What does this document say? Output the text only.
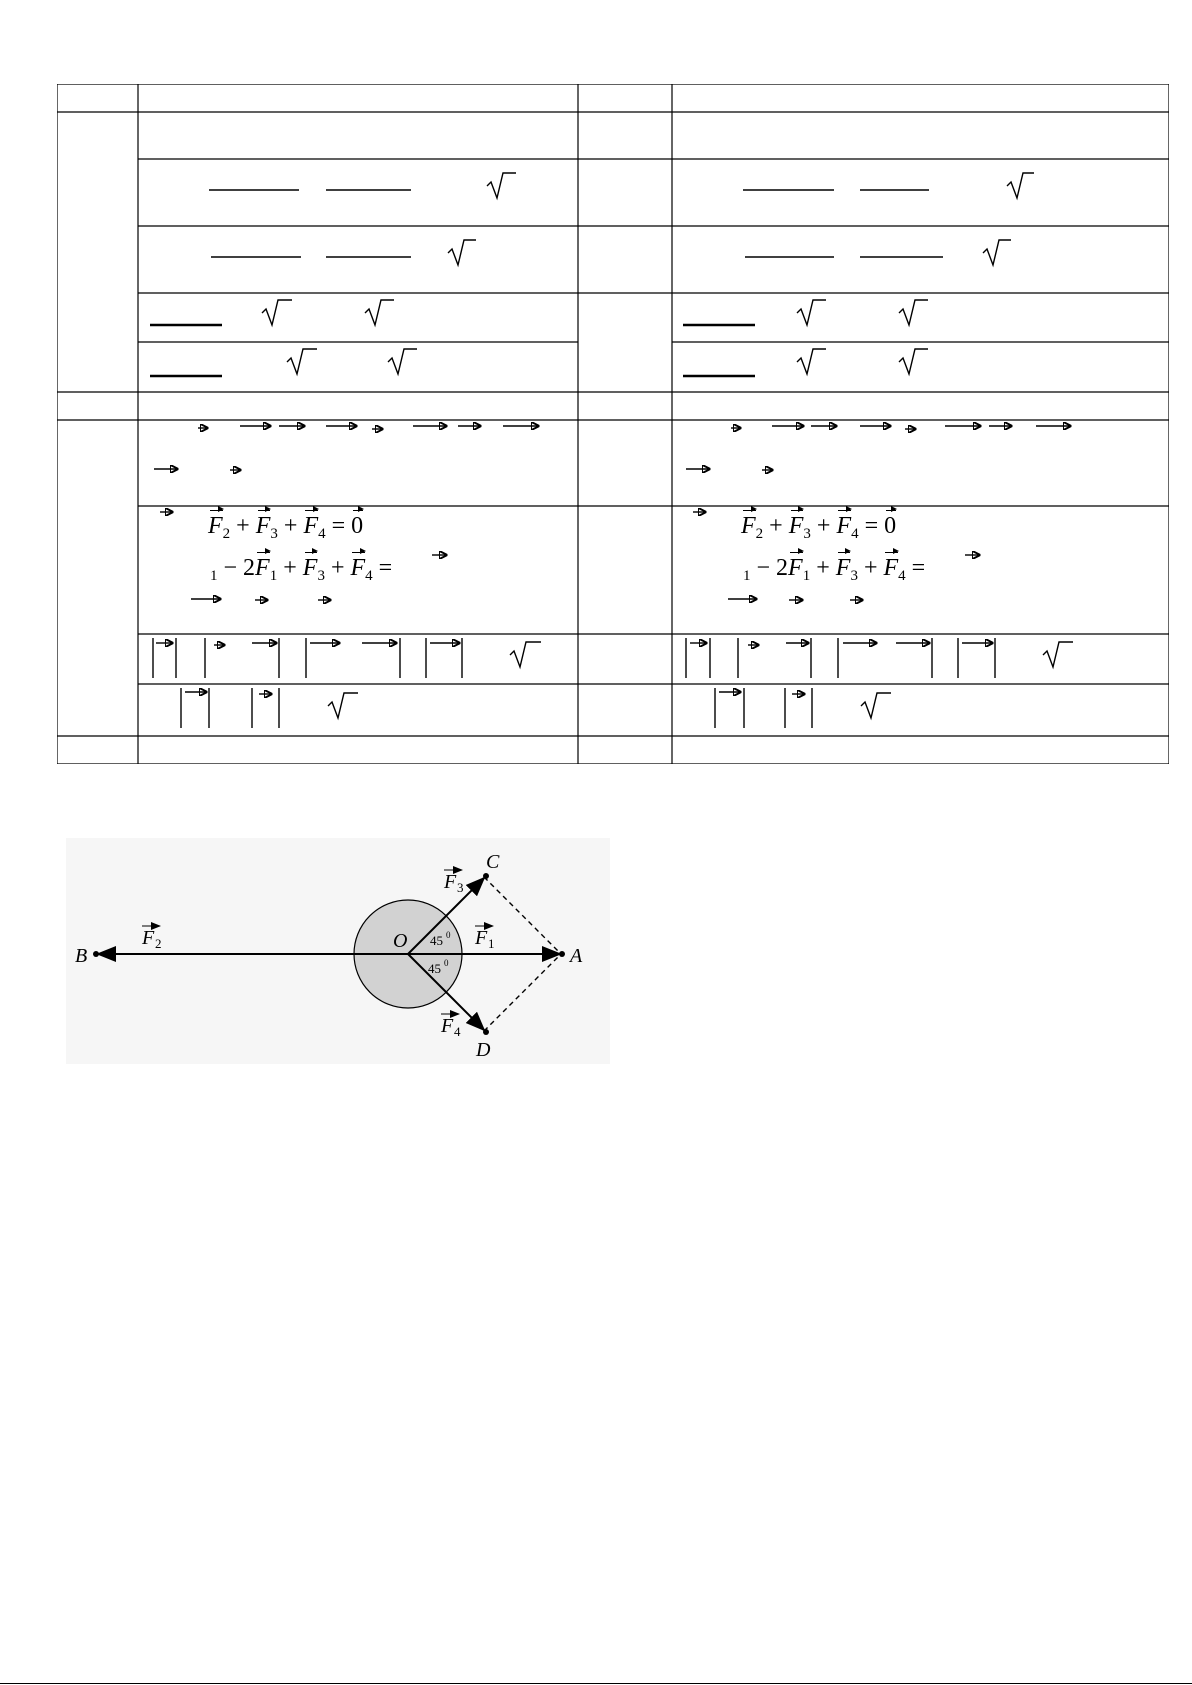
$F_2 + F_3 + F_4 = 0$
$_1 - 2F_1 + F_3 + F_4$ =
$F_2 + F_3 + F_4 = 0$
$_1 - 2F_1 + F_3 + F_4$ =
B
O
A
C
D
F 2	F 1
F 3
F 4
45 0
45 0
